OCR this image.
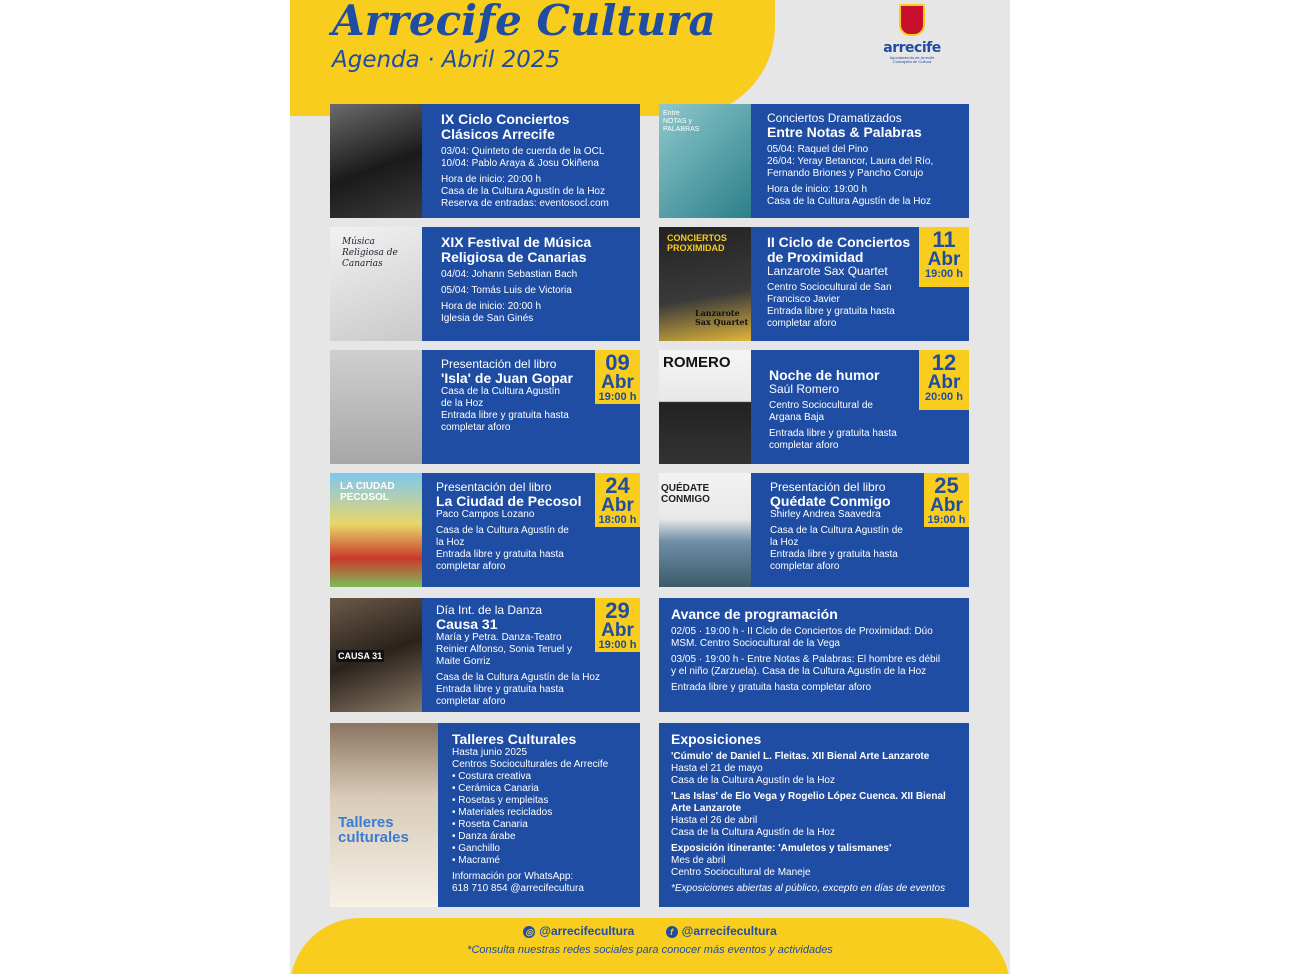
Arrecife Cultura
Agenda · Abril 2025	arrecife
Ayuntamiento de Arrecife Concejalía de Cultura
IX Ciclo Conciertos
Clásicos Arrecife
03/04: Quinteto de cuerda de la OCL
10/04: Pablo Araya & Josu Okiñena
Hora de inicio: 20:00 h
Casa de la Cultura Agustín de la Hoz
Reserva de entradas: eventosocl.com
Entre NOTAS y PALABRAS
Conciertos Dramatizados
Entre Notas & Palabras
05/04: Raquel del Pino
26/04: Yeray Betancor, Laura del Río,
Fernando Briones y Pancho Corujo
Hora de inicio: 19:00 h
Casa de la Cultura Agustín de la Hoz
Música Religiosa de Canarias
XIX Festival de Música
Religiosa de Canarias
04/04: Johann Sebastian Bach
05/04: Tomás Luis de Victoria
Hora de inicio: 20:00 h
Iglesia de San Ginés
CONCIERTOS PROXIMIDAD
Lanzarote Sax Quartet
II Ciclo de Conciertos
de Proximidad
Lanzarote Sax Quartet
Centro Sociocultural de San
Francisco Javier
Entrada libre y gratuita hasta
completar aforo
11
Abr
19:00 h
Presentación del libro
'Isla' de Juan Gopar
Casa de la Cultura Agustín
de la Hoz
Entrada libre y gratuita hasta
completar aforo
09
Abr
19:00 h
ROMERO
Noche de humor
Saúl Romero
Centro Sociocultural de
Argana Baja
Entrada libre y gratuita hasta
completar aforo
12
Abr
20:00 h
LA CIUDAD PECOSOL
Presentación del libro
La Ciudad de Pecosol
Paco Campos Lozano
Casa de la Cultura Agustín de
la Hoz
Entrada libre y gratuita hasta
completar aforo
24
Abr
18:00 h
QUÉDATE CONMIGO
Presentación del libro
Quédate Conmigo
Shirley Andrea Saavedra
Casa de la Cultura Agustín de
la Hoz
Entrada libre y gratuita hasta
completar aforo
25
Abr
19:00 h
CAUSA 31
Día Int. de la Danza
Causa 31
María y Petra. Danza-Teatro
Reinier Alfonso, Sonia Teruel y
Maite Gorriz
Casa de la Cultura Agustín de la Hoz
Entrada libre y gratuita hasta
completar aforo
29
Abr
19:00 h
Avance de programación
02/05 · 19:00 h - II Ciclo de Conciertos de Proximidad: Dúo
MSM. Centro Sociocultural de la Vega
03/05 · 19:00 h - Entre Notas & Palabras: El hombre es débil
y el niño (Zarzuela). Casa de la Cultura Agustín de la Hoz
Entrada libre y gratuita hasta completar aforo
Talleres culturales
Talleres Culturales
Hasta junio 2025
Centros Socioculturales de Arrecife
• Costura creativa
• Cerámica Canaria
• Rosetas y empleitas
• Materiales reciclados
• Roseta Canaria
• Danza árabe
• Ganchillo
• Macramé
Información por WhatsApp:
618 710 854 @arrecifecultura
Exposiciones
'Cúmulo' de Daniel L. Fleitas. XII Bienal Arte Lanzarote
Hasta el 21 de mayo
Casa de la Cultura Agustín de la Hoz
'Las Islas' de Elo Vega y Rogelio López Cuenca. XII Bienal
Arte Lanzarote
Hasta el 26 de abril
Casa de la Cultura Agustín de la Hoz
Exposición itinerante: 'Amuletos y talismanes'
Mes de abril
Centro Sociocultural de Maneje
*Exposiciones abiertas al público, excepto en días de eventos
◎ @arrecifecultura	f @arrecifecultura
*Consulta nuestras redes sociales para conocer más eventos y actividades
